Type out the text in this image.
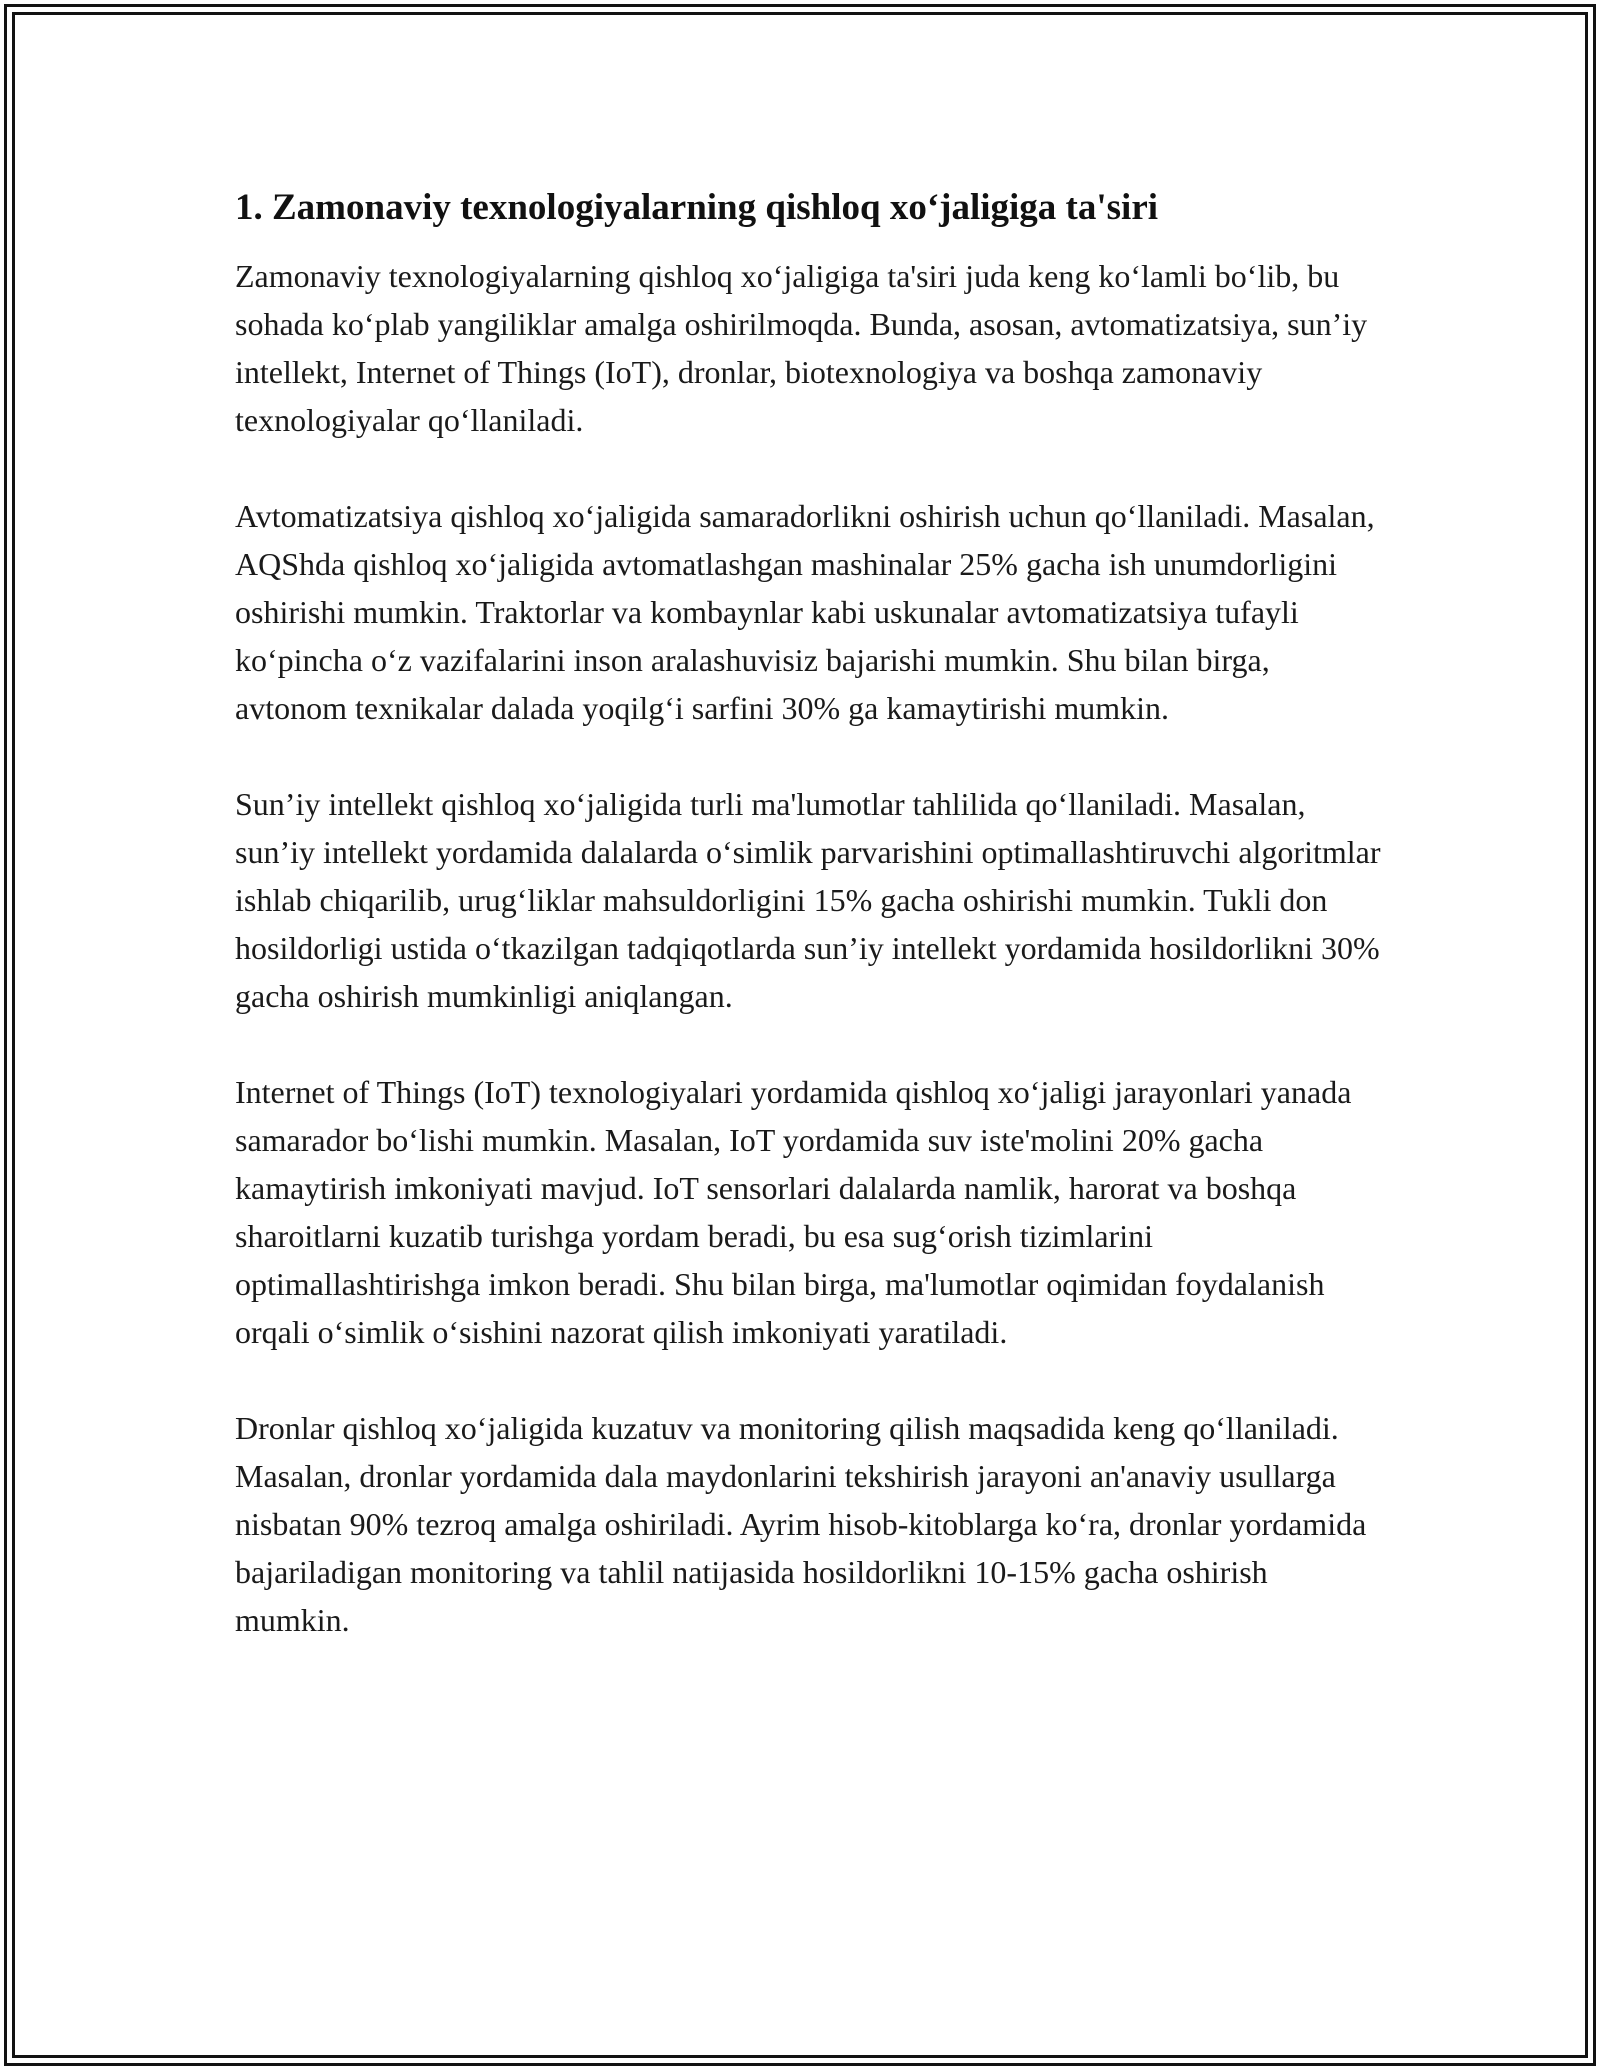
1. Zamonaviy texnologiyalarning qishloq xo‘jaligiga ta'siri

Zamonaviy texnologiyalarning qishloq xo‘jaligiga ta'siri juda keng ko‘lamli bo‘lib, bu sohada ko‘plab yangiliklar amalga oshirilmoqda. Bunda, asosan, avtomatizatsiya, sun’iy intellekt, Internet of Things (IoT), dronlar, biotexnologiya va boshqa zamonaviy texnologiyalar qo‘llaniladi.

Avtomatizatsiya qishloq xo‘jaligida samaradorlikni oshirish uchun qo‘llaniladi. Masalan, AQShda qishloq xo‘jaligida avtomatlashgan mashinalar 25% gacha ish unumdorligini oshirishi mumkin. Traktorlar va kombaynlar kabi uskunalar avtomatizatsiya tufayli ko‘pincha o‘z vazifalarini inson aralashuvisiz bajarishi mumkin. Shu bilan birga, avtonom texnikalar dalada yoqilg‘i sarfini 30% ga kamaytirishi mumkin.

Sun’iy intellekt qishloq xo‘jaligida turli ma'lumotlar tahlilida qo‘llaniladi. Masalan, sun’iy intellekt yordamida dalalarda o‘simlik parvarishini optimallashtiruvchi algoritmlar ishlab chiqarilib, urug‘liklar mahsuldorligini 15% gacha oshirishi mumkin. Tukli don hosildorligi ustida o‘tkazilgan tadqiqotlarda sun’iy intellekt yordamida hosildorlikni 30% gacha oshirish mumkinligi aniqlangan.

Internet of Things (IoT) texnologiyalari yordamida qishloq xo‘jaligi jarayonlari yanada samarador bo‘lishi mumkin. Masalan, IoT yordamida suv iste'molini 20% gacha kamaytirish imkoniyati mavjud. IoT sensorlari dalalarda namlik, harorat va boshqa sharoitlarni kuzatib turishga yordam beradi, bu esa sug‘orish tizimlarini optimallashtirishga imkon beradi. Shu bilan birga, ma'lumotlar oqimidan foydalanish orqali o‘simlik o‘sishini nazorat qilish imkoniyati yaratiladi.

Dronlar qishloq xo‘jaligida kuzatuv va monitoring qilish maqsadida keng qo‘llaniladi. Masalan, dronlar yordamida dala maydonlarini tekshirish jarayoni an'anaviy usullarga nisbatan 90% tezroq amalga oshiriladi. Ayrim hisob-kitoblarga ko‘ra, dronlar yordamida bajariladigan monitoring va tahlil natijasida hosildorlikni 10-15% gacha oshirish mumkin.
